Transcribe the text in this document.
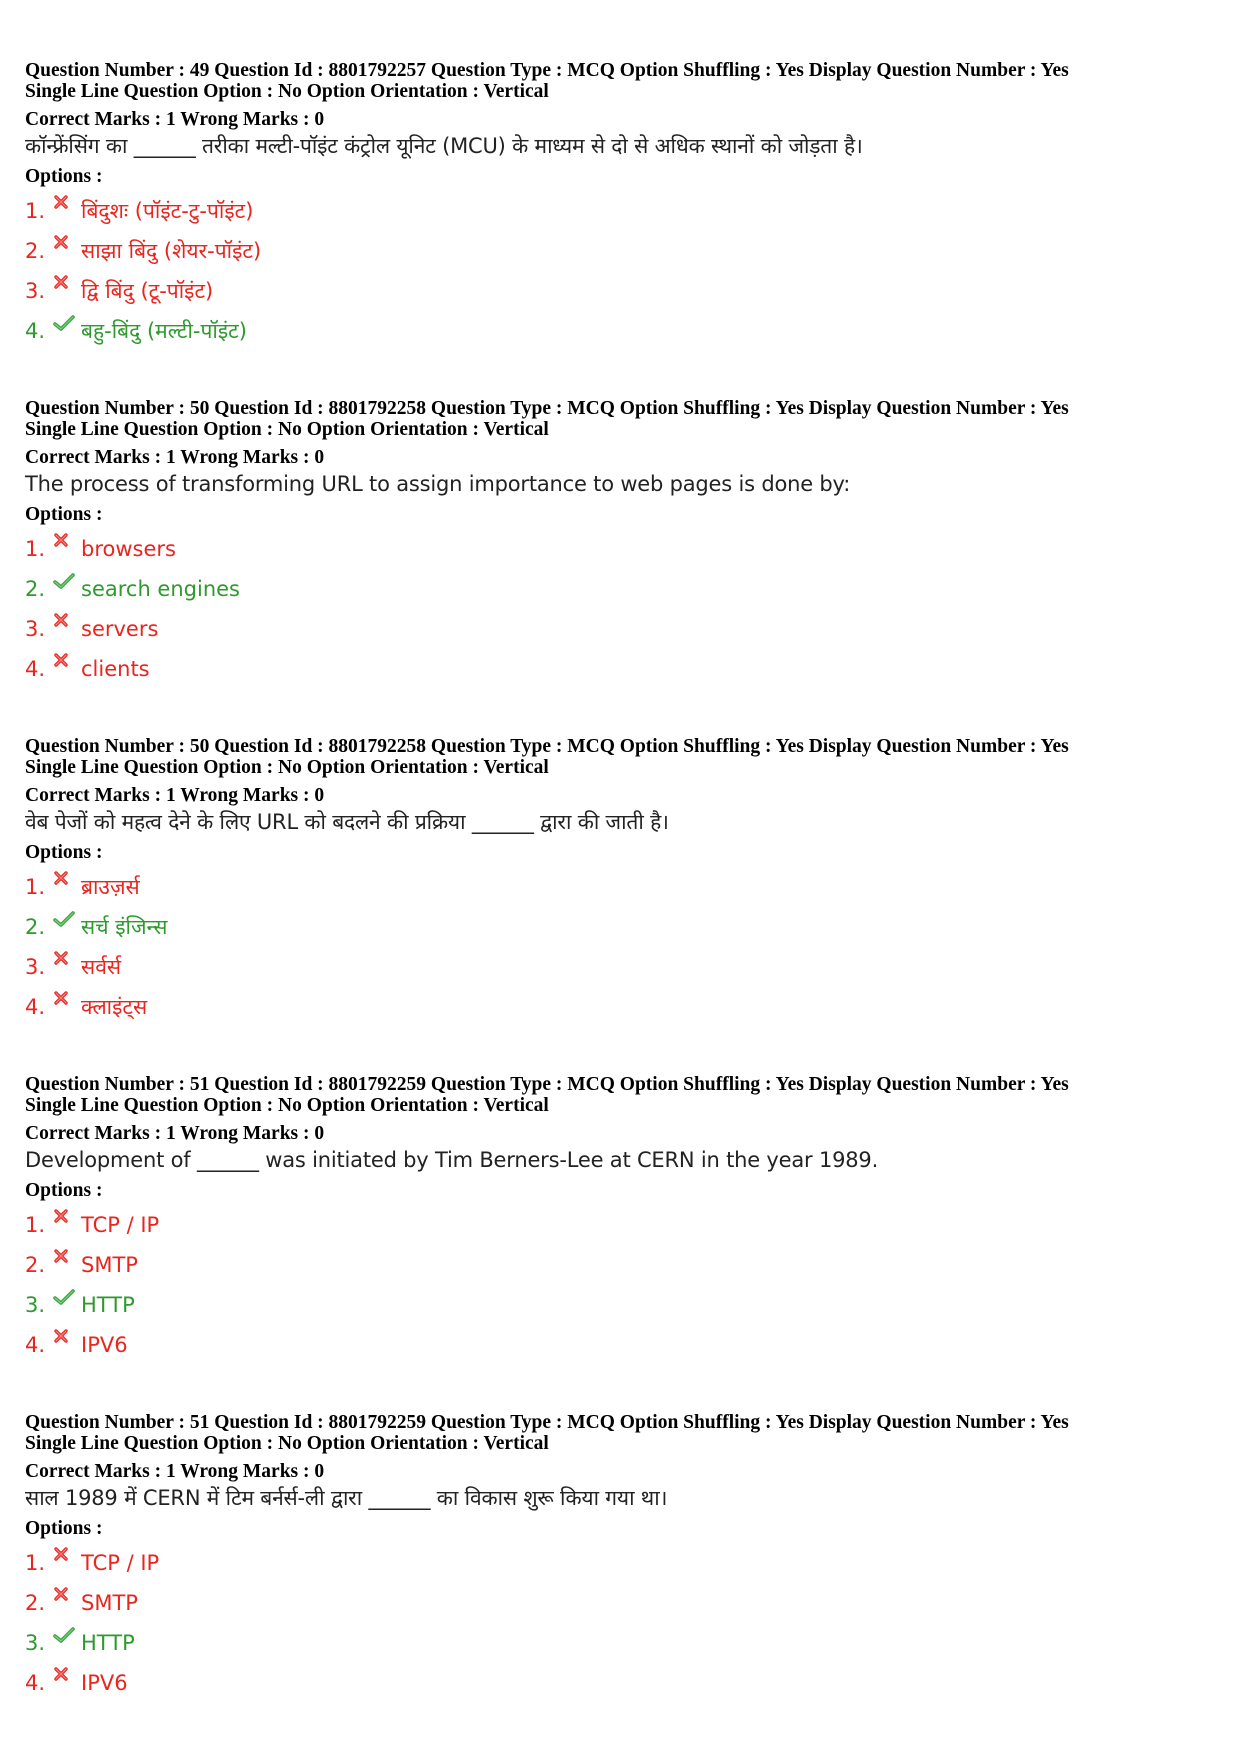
Question Number : 49 Question Id : 8801792257 Question Type : MCQ Option Shuffling : Yes Display Question Number : Yes
Single Line Question Option : No Option Orientation : Vertical
Correct Marks : 1 Wrong Marks : 0
कॉन्फ्रेंसिंग का ______ तरीका मल्टी-पॉइंट कंट्रोल यूनिट (MCU) के माध्यम से दो से अधिक स्थानों को जोड़ता है।
Options :
1.	बिंदुशः (पॉइंट-टु-पॉइंट)
2.	साझा बिंदु (शेयर-पॉइंट)
3.	द्वि बिंदु (टू-पॉइंट)
4.	बहु-बिंदु (मल्टी-पॉइंट)
Question Number : 50 Question Id : 8801792258 Question Type : MCQ Option Shuffling : Yes Display Question Number : Yes
Single Line Question Option : No Option Orientation : Vertical
Correct Marks : 1 Wrong Marks : 0
The process of transforming URL to assign importance to web pages is done by:
Options :
1.	browsers
2.	search engines
3.	servers
4.	clients
Question Number : 50 Question Id : 8801792258 Question Type : MCQ Option Shuffling : Yes Display Question Number : Yes
Single Line Question Option : No Option Orientation : Vertical
Correct Marks : 1 Wrong Marks : 0
वेब पेजों को महत्व देने के लिए URL को बदलने की प्रक्रिया ______ द्वारा की जाती है।
Options :
1.	ब्राउज़र्स
2.	सर्च इंजिन्स
3.	सर्वर्स
4.	क्लाइंट्स
Question Number : 51 Question Id : 8801792259 Question Type : MCQ Option Shuffling : Yes Display Question Number : Yes
Single Line Question Option : No Option Orientation : Vertical
Correct Marks : 1 Wrong Marks : 0
Development of ______ was initiated by Tim Berners-Lee at CERN in the year 1989.
Options :
1.	TCP / IP
2.	SMTP
3.	HTTP
4.	IPV6
Question Number : 51 Question Id : 8801792259 Question Type : MCQ Option Shuffling : Yes Display Question Number : Yes
Single Line Question Option : No Option Orientation : Vertical
Correct Marks : 1 Wrong Marks : 0
साल 1989 में CERN में टिम बर्नर्स-ली द्वारा ______ का विकास शुरू किया गया था।
Options :
1.	TCP / IP
2.	SMTP
3.	HTTP
4.	IPV6
